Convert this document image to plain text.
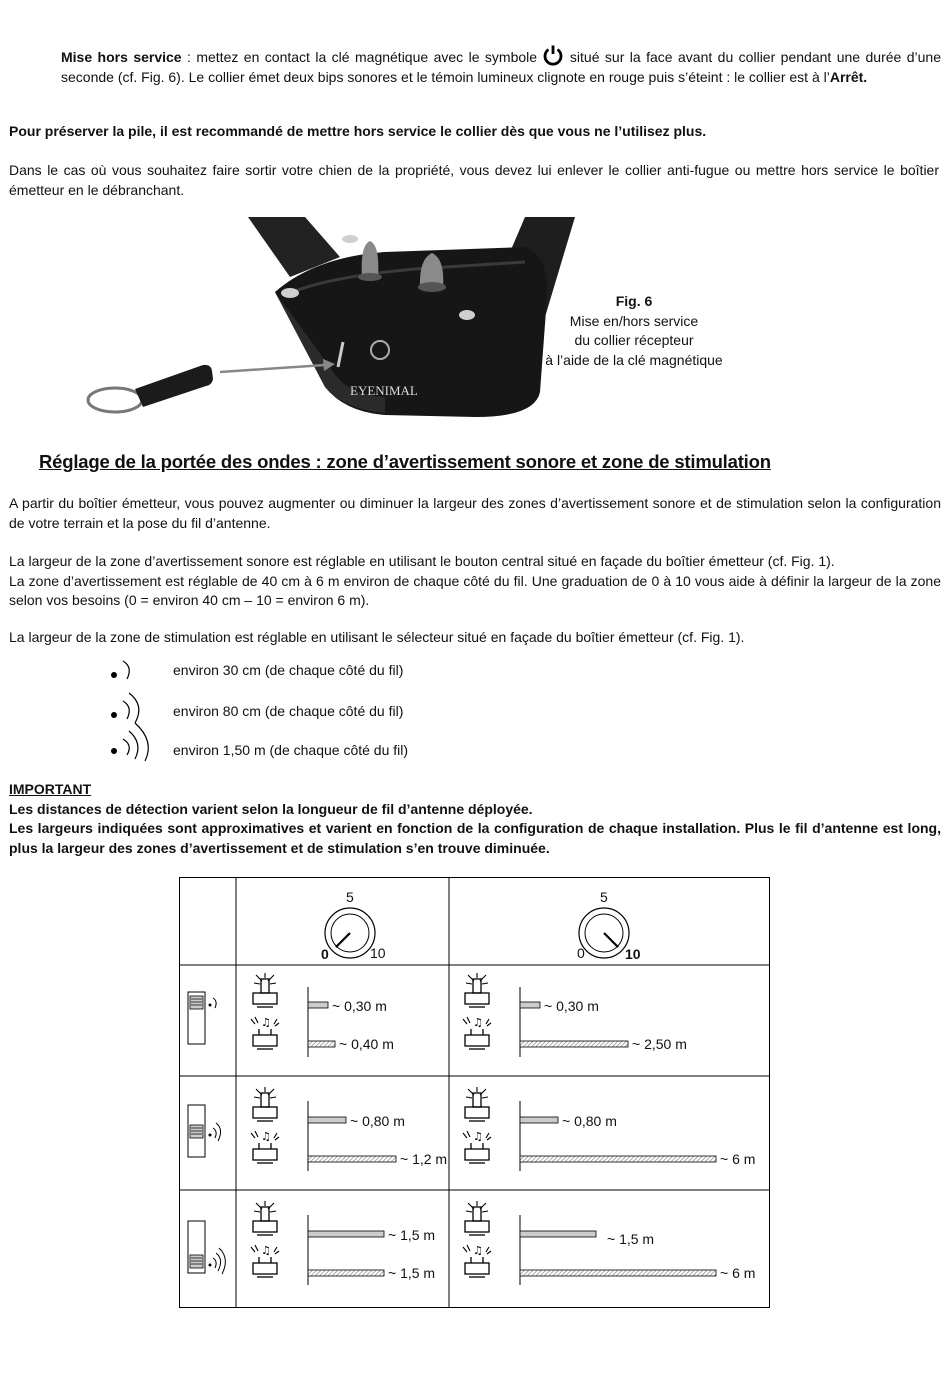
Mise hors service : mettez en contact la clé magnétique avec le symbole  situé sur la face avant du collier pendant une durée d’une seconde (cf. Fig. 6). Le collier émet deux bips sonores et le témoin lumineux clignote en rouge puis s’éteint : le collier est à l’Arrêt.
Pour préserver la pile, il est recommandé de mettre hors service le collier dès que vous ne l’utilisez plus.
Dans le cas où vous souhaitez faire sortir votre chien de la propriété, vous devez lui enlever le collier anti-fugue ou mettre hors service le boîtier émetteur en le débranchant.
EYENIMAL
Fig. 6
Mise en/hors service
du collier récepteur
à l’aide de la clé magnétique
Réglage de la portée des ondes : zone d’avertissement sonore et zone de stimulation
A partir du boîtier émetteur, vous pouvez augmenter ou diminuer la largeur des zones d’avertissement sonore et de stimulation selon la configuration de votre terrain et la pose du fil d’antenne.
La largeur de la zone d’avertissement sonore est réglable en utilisant le bouton central situé en façade du boîtier émetteur (cf. Fig. 1).
La zone d’avertissement est réglable de 40 cm à 6 m environ de chaque côté du fil. Une graduation de 0 à 10 vous aide à définir la largeur de la zone selon vos besoins (0 = environ 40 cm – 10 = environ 6 m).
La largeur de la zone de stimulation est réglable en utilisant le sélecteur situé en façade du boîtier émetteur (cf. Fig. 1).
environ 30 cm (de chaque côté du fil)
environ 80 cm (de chaque côté du fil)
environ 1,50 m (de chaque côté du fil)
IMPORTANT
Les distances de détection varient selon la longueur de fil d’antenne déployée.
Les largeurs indiquées sont approximatives et varient en fonction de la configuration de chaque installation. Plus le fil d’antenne est long, plus la largeur des zones d’avertissement et de stimulation s’en trouve diminuée.
♫
5
0	10
5
0	10
~ 0,30 m
~ 0,40 m
~ 0,30 m
~ 2,50 m
~ 0,80 m
~ 1,2 m
~ 0,80 m
~ 6 m
~ 1,5 m
~ 1,5 m
~ 1,5 m
~ 6 m
